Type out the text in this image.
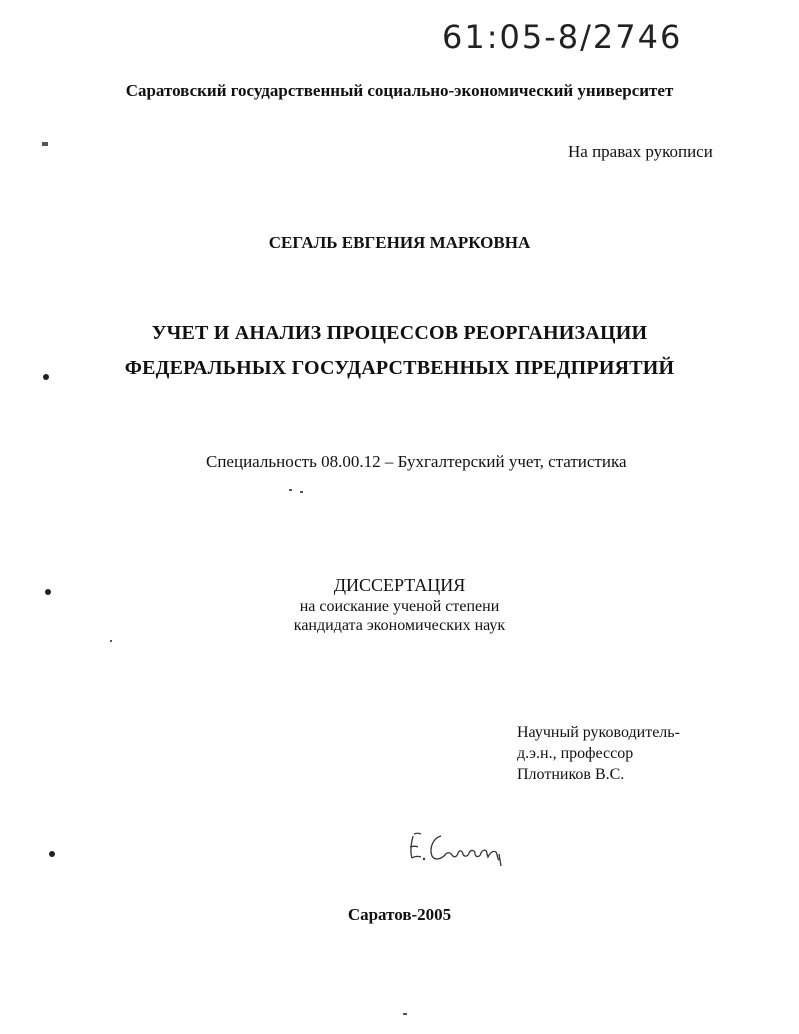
61:05-8/2746
Саратовский государственный социально-экономический университет
На правах рукописи
СЕГАЛЬ ЕВГЕНИЯ МАРКОВНА
УЧЕТ И АНАЛИЗ ПРОЦЕССОВ РЕОРГАНИЗАЦИИ
ФЕДЕРАЛЬНЫХ ГОСУДАРСТВЕННЫХ ПРЕДПРИЯТИЙ
Специальность 08.00.12 – Бухгалтерский учет, статистика
ДИССЕРТАЦИЯ
на соискание ученой степени
кандидата экономических наук
Научный руководитель-
д.э.н., профессор
Плотников В.С.
Саратов-2005
